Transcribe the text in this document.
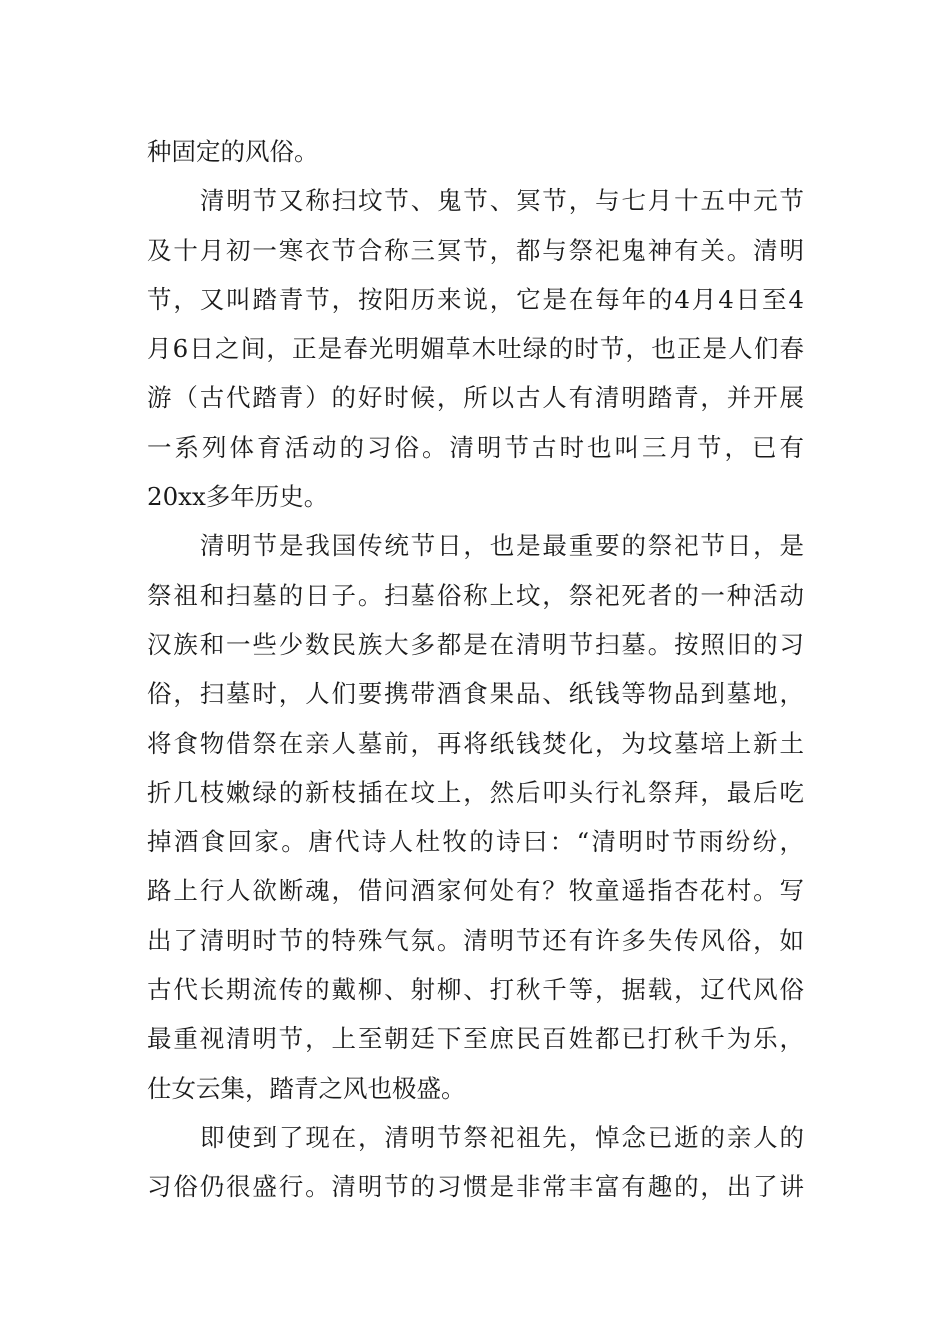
种固定的风俗。
清明节又称扫坟节、鬼节、冥节，与七月十五中元节
及十月初一寒衣节合称三冥节，都与祭祀鬼神有关。清明
节，又叫踏青节，按阳历来说，它是在每年的4月4日至4
月6日之间，正是春光明媚草木吐绿的时节，也正是人们春
游（古代踏青）的好时候，所以古人有清明踏青，并开展
一系列体育活动的习俗。清明节古时也叫三月节，已有
20xx多年历史。
清明节是我国传统节日，也是最重要的祭祀节日，是
祭祖和扫墓的日子。扫墓俗称上坟，祭祀死者的一种活动
汉族和一些少数民族大多都是在清明节扫墓。按照旧的习
俗，扫墓时，人们要携带酒食果品、纸钱等物品到墓地，
将食物借祭在亲人墓前，再将纸钱焚化，为坟墓培上新土
折几枝嫩绿的新枝插在坟上，然后叩头行礼祭拜，最后吃
掉酒食回家。唐代诗人杜牧的诗曰：“清明时节雨纷纷，
路上行人欲断魂，借问酒家何处有？牧童遥指杏花村。写
出了清明时节的特殊气氛。清明节还有许多失传风俗，如
古代长期流传的戴柳、射柳、打秋千等，据载，辽代风俗
最重视清明节，上至朝廷下至庶民百姓都已打秋千为乐，
仕女云集，踏青之风也极盛。
即使到了现在，清明节祭祀祖先，悼念已逝的亲人的
习俗仍很盛行。清明节的习惯是非常丰富有趣的，出了讲
